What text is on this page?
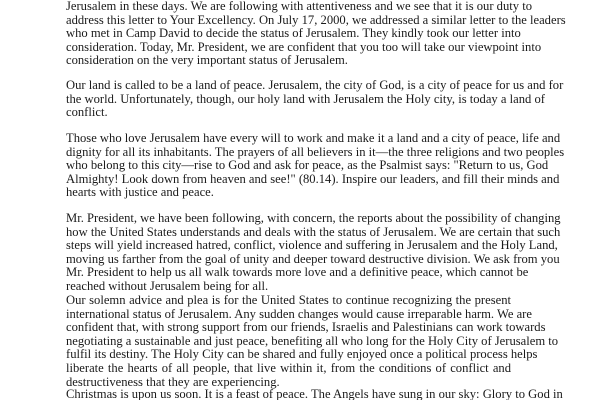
Jerusalem in these days. We are following with attentiveness and we see that it is our duty to
address this letter to Your Excellency. On July 17, 2000, we addressed a similar letter to the leaders
who met in Camp David to decide the status of Jerusalem. They kindly took our letter into
consideration. Today, Mr. President, we are confident that you too will take our viewpoint into
consideration on the very important status of Jerusalem.
Our land is called to be a land of peace. Jerusalem, the city of God, is a city of peace for us and for
the world. Unfortunately, though, our holy land with Jerusalem the Holy city, is today a land of
conflict.
Those who love Jerusalem have every will to work and make it a land and a city of peace, life and
dignity for all its inhabitants. The prayers of all believers in it—the three religions and two peoples
who belong to this city—rise to God and ask for peace, as the Psalmist says: "Return to us, God
Almighty! Look down from heaven and see!" (80.14). Inspire our leaders, and fill their minds and
hearts with justice and peace.
Mr. President, we have been following, with concern, the reports about the possibility of changing
how the United States understands and deals with the status of Jerusalem. We are certain that such
steps will yield increased hatred, conflict, violence and suffering in Jerusalem and the Holy Land,
moving us farther from the goal of unity and deeper toward destructive division. We ask from you
Mr. President to help us all walk towards more love and a definitive peace, which cannot be
reached without Jerusalem being for all.
Our solemn advice and plea is for the United States to continue recognizing the present
international status of Jerusalem. Any sudden changes would cause irreparable harm. We are
confident that, with strong support from our friends, Israelis and Palestinians can work towards
negotiating a sustainable and just peace, benefiting all who long for the Holy City of Jerusalem to
fulfil its destiny. The Holy City can be shared and fully enjoyed once a political process helps
liberate the hearts of all people, that live within it, from the conditions of conflict and
destructiveness that they are experiencing.
Christmas is upon us soon. It is a feast of peace. The Angels have sung in our sky: Glory to God in
